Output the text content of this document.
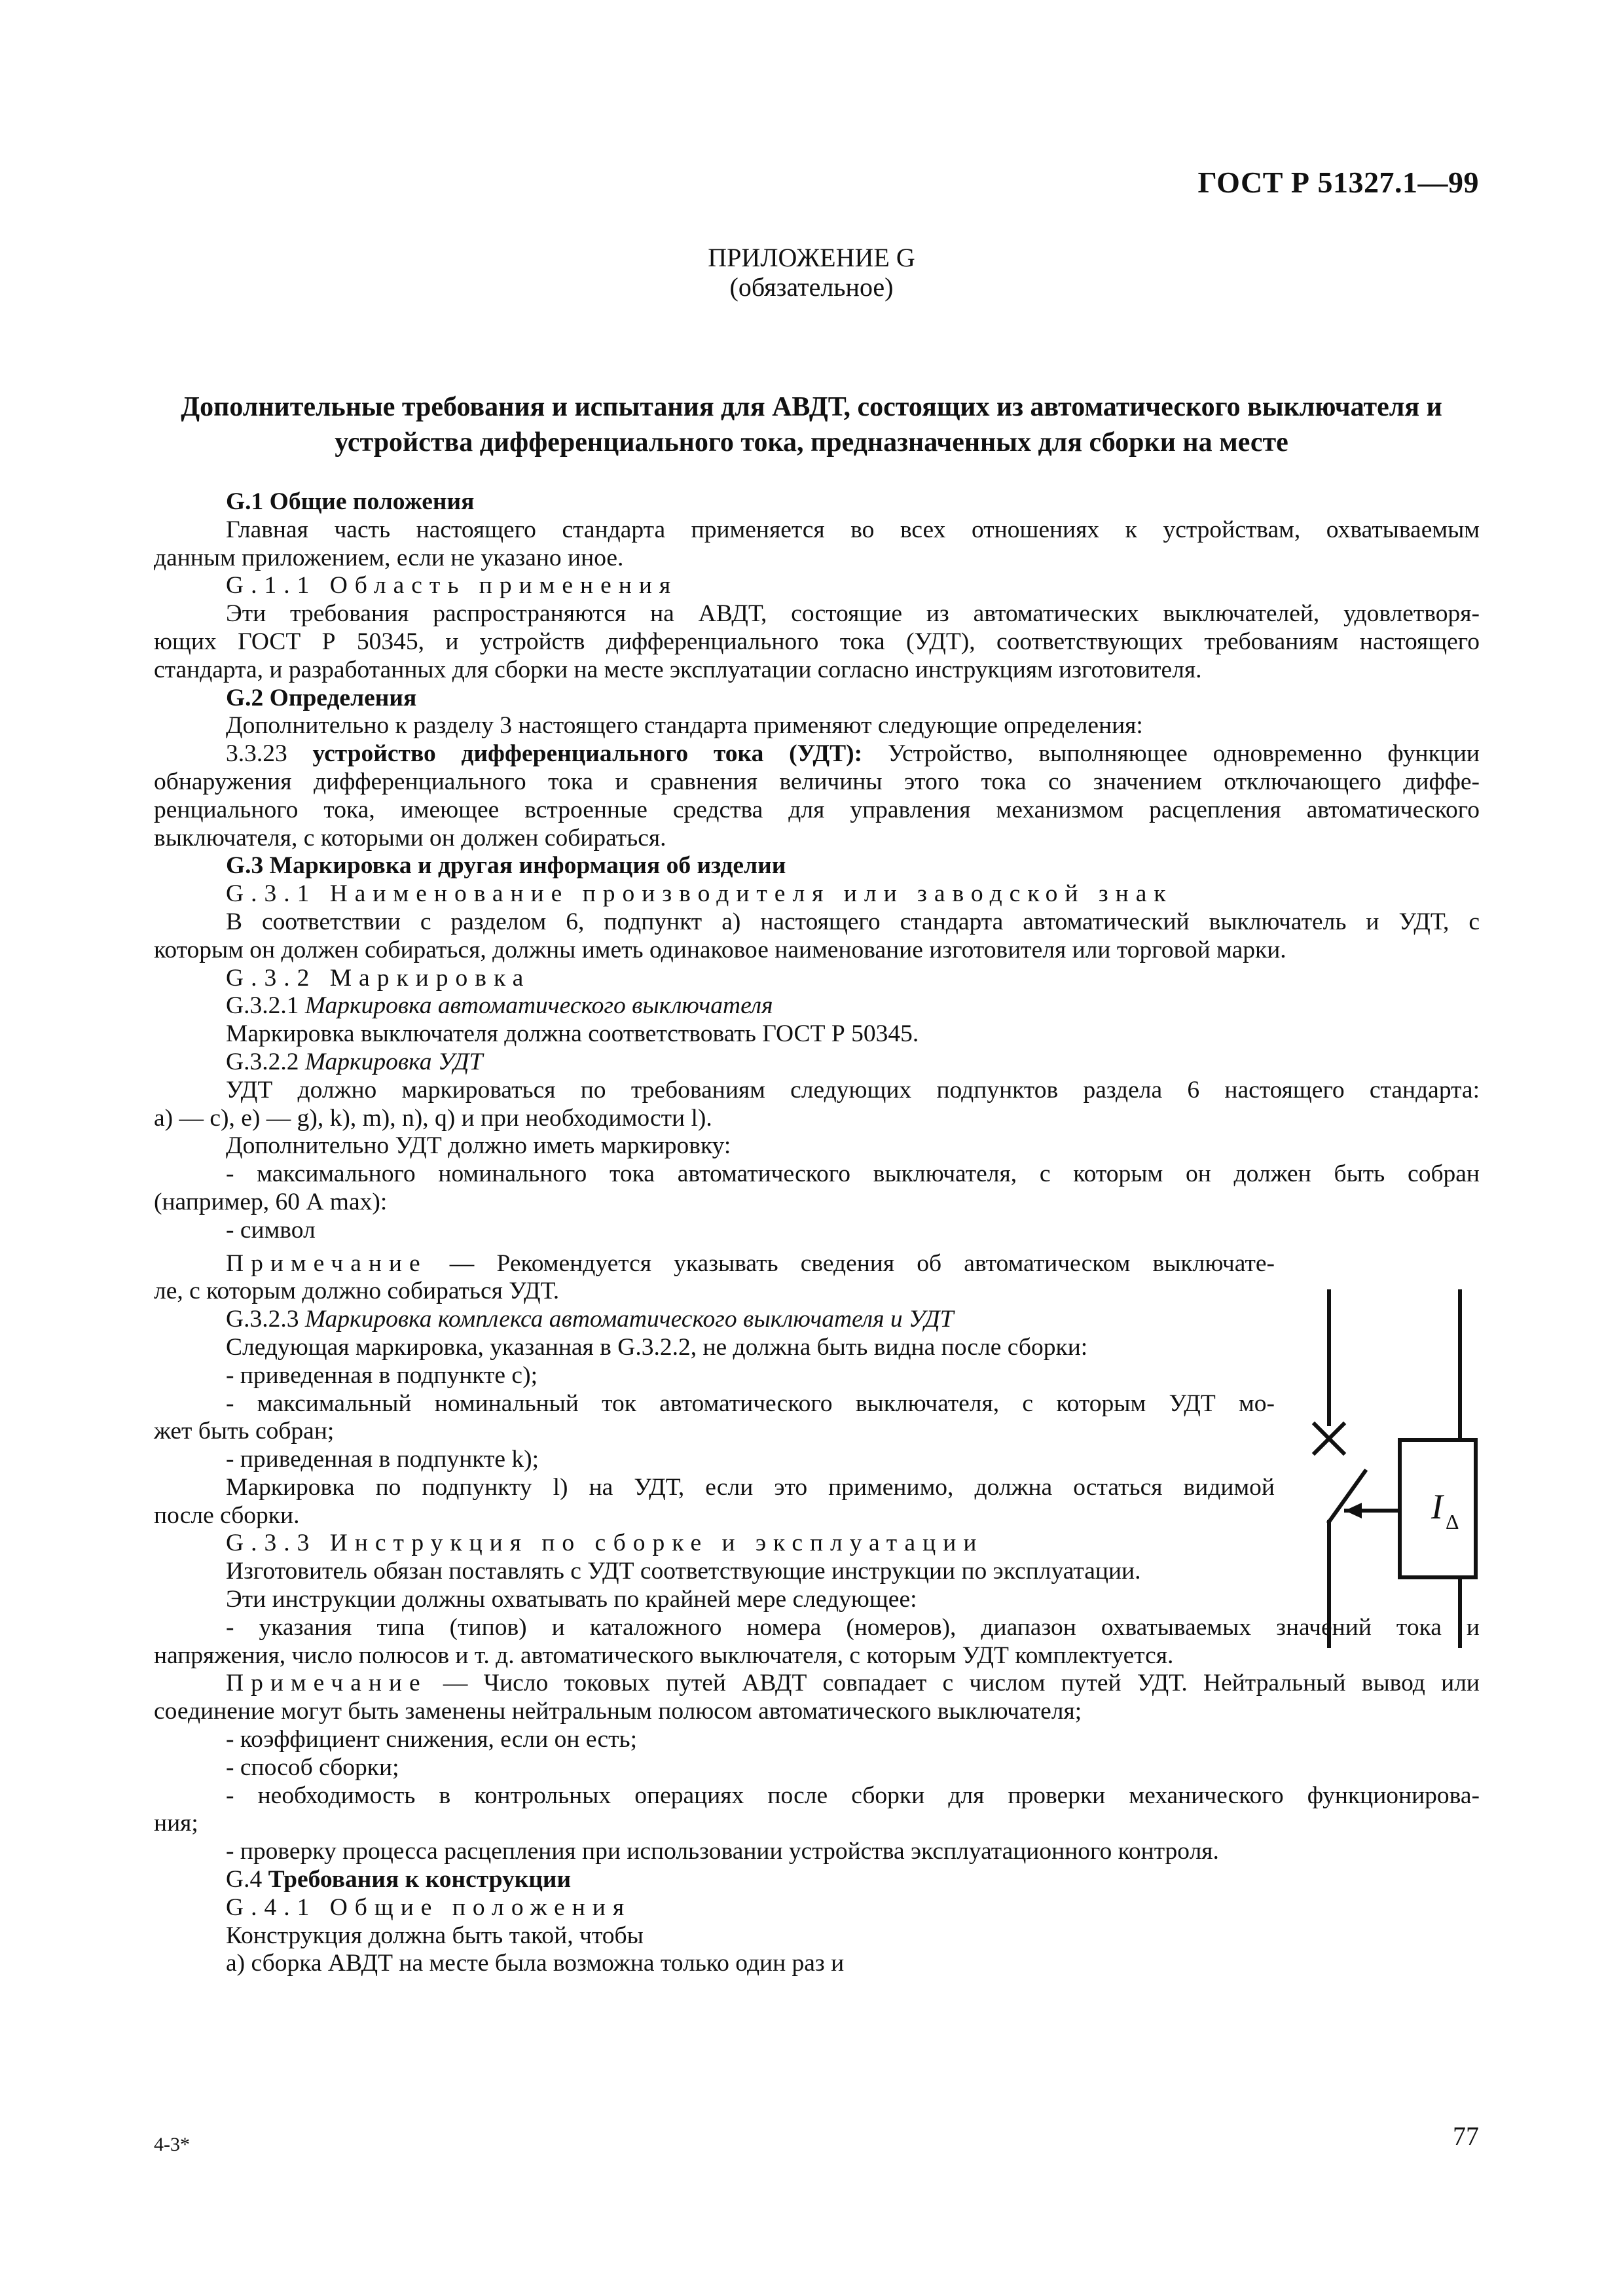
ГОСТ Р 51327.1—99
ПРИЛОЖЕНИЕ G
(обязательное)
Дополнительные требования и испытания для АВДТ, состоящих из автоматического выключателя и
устройства дифференциального тока, предназначенных для сборки на месте
G.1 Общие положения
Главная часть настоящего стандарта применяется во всех отношениях к устройствам, охватываемым
данным приложением, если не указано иное.
G.1.1 Область применения
Эти требования распространяются на АВДТ, состоящие из автоматических выключателей, удовлетворя-
ющих ГОСТ Р 50345, и устройств дифференциального тока (УДТ), соответствующих требованиям настоящего
стандарта, и разработанных для сборки на месте эксплуатации согласно инструкциям изготовителя.
G.2 Определения
Дополнительно к разделу 3 настоящего стандарта применяют следующие определения:
3.3.23 устройство дифференциального тока (УДТ): Устройство, выполняющее одновременно функции
обнаружения дифференциального тока и сравнения величины этого тока со значением отключающего диффе-
ренциального тока, имеющее встроенные средства для управления механизмом расцепления автоматического
выключателя, с которыми он должен собираться.
G.3 Маркировка и другая информация об изделии
G.3.1 Наименование производителя или заводской знак
В соответствии с разделом 6, подпункт а) настоящего стандарта автоматический выключатель и УДТ, с
которым он должен собираться, должны иметь одинаковое наименование изготовителя или торговой марки.
G.3.2 Маркировка
G.3.2.1 Маркировка автоматического выключателя
Маркировка выключателя должна соответствовать ГОСТ Р 50345.
G.3.2.2 Маркировка УДТ
УДТ должно маркироваться по требованиям следующих подпунктов раздела 6 настоящего стандарта:
а) — с), е) — g), k), m), n), q) и при необходимости l).
Дополнительно УДТ должно иметь маркировку:
- максимального номинального тока автоматического выключателя, с которым он должен быть собран
(например, 60 А max):
- символ
Примечание — Рекомендуется указывать сведения об автоматическом выключате-
ле, с которым должно собираться УДТ.
G.3.2.3 Маркировка комплекса автоматического выключателя и УДТ
Следующая маркировка, указанная в G.3.2.2, не должна быть видна после сборки:
- приведенная в подпункте с);
- максимальный номинальный ток автоматического выключателя, с которым УДТ мо-
жет быть собран;
- приведенная в подпункте k);
Маркировка по подпункту l) на УДТ, если это применимо, должна остаться видимой
после сборки.
G.3.3 Инструкция по сборке и эксплуатации
Изготовитель обязан поставлять с УДТ соответствующие инструкции по эксплуатации.
Эти инструкции должны охватывать по крайней мере следующее:
- указания типа (типов) и каталожного номера (номеров), диапазон охватываемых значений тока и
напряжения, число полюсов и т. д. автоматического выключателя, с которым УДТ комплектуется.
Примечание — Число токовых путей АВДТ совпадает с числом путей УДТ. Нейтральный вывод или
соединение могут быть заменены нейтральным полюсом автоматического выключателя;
- коэффициент снижения, если он есть;
- способ сборки;
- необходимость в контрольных операциях после сборки для проверки механического функционирова-
ния;
- проверку процесса расцепления при использовании устройства эксплуатационного контроля.
G.4 Требования к конструкции
G.4.1 Общие положения
Конструкция должна быть такой, чтобы
а) сборка АВДТ на месте была возможна только один раз и
I Δ
4-3*	77
